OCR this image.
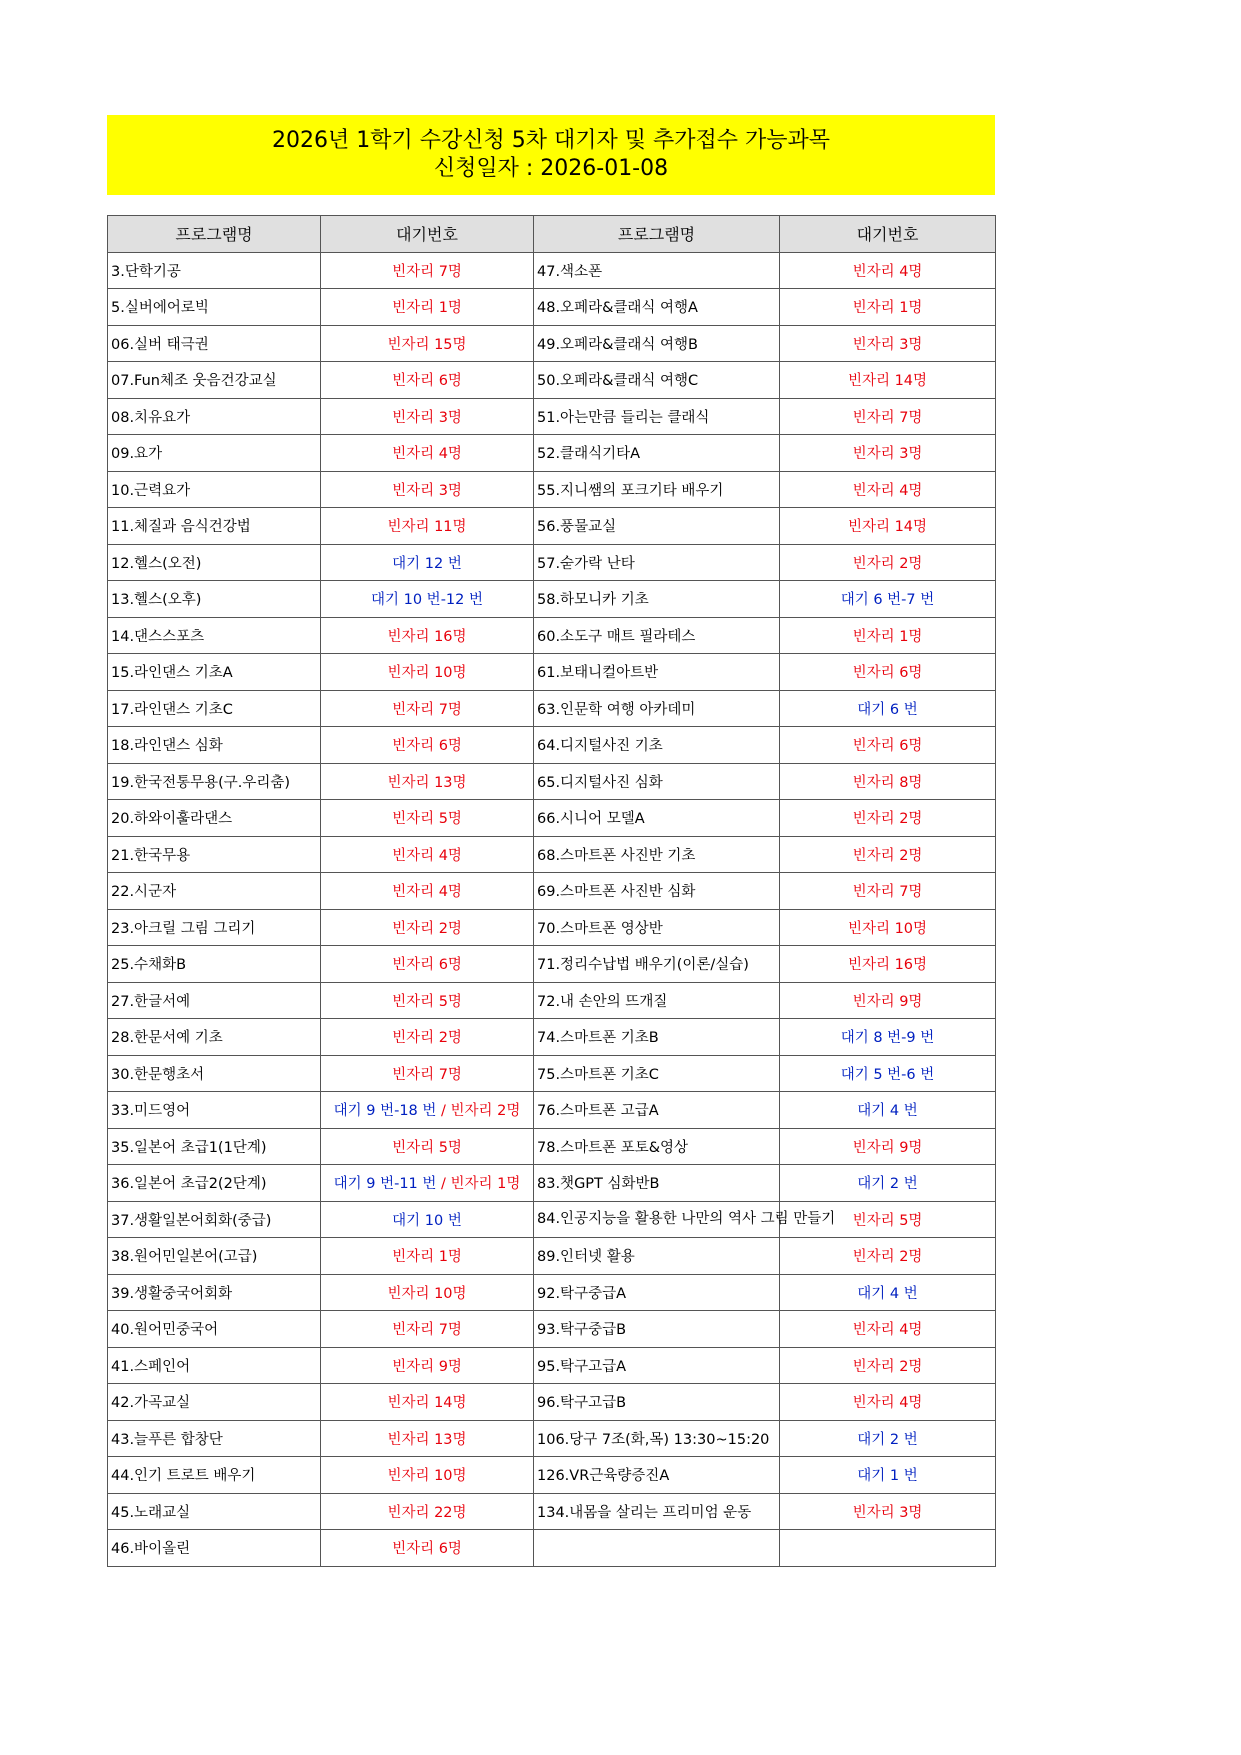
2026년 1학기 수강신청 5차 대기자 및 추가접수 가능과목
신청일자 : 2026-01-08
프로그램명	대기번호	프로그램명	대기번호
3.단학기공	빈자리 7명	47.색소폰	빈자리 4명
5.실버에어로빅	빈자리 1명	48.오페라&클래식 여행A	빈자리 1명
06.실버 태극권	빈자리 15명	49.오페라&클래식 여행B	빈자리 3명
07.Fun체조 웃음건강교실	빈자리 6명	50.오페라&클래식 여행C	빈자리 14명
08.치유요가	빈자리 3명	51.아는만큼 들리는 클래식	빈자리 7명
09.요가	빈자리 4명	52.클래식기타A	빈자리 3명
10.근력요가	빈자리 3명	55.지니쌤의 포크기타 배우기	빈자리 4명
11.체질과 음식건강법	빈자리 11명	56.풍물교실	빈자리 14명
12.헬스(오전)	대기 12 번	57.숟가락 난타	빈자리 2명
13.헬스(오후)	대기 10 번-12 번	58.하모니카 기초	대기 6 번-7 번
14.댄스스포츠	빈자리 16명	60.소도구 매트 필라테스	빈자리 1명
15.라인댄스 기초A	빈자리 10명	61.보태니컬아트반	빈자리 6명
17.라인댄스 기초C	빈자리 7명	63.인문학 여행 아카데미	대기 6 번
18.라인댄스 심화	빈자리 6명	64.디지털사진 기초	빈자리 6명
19.한국전통무용(구.우리춤)	빈자리 13명	65.디지털사진 심화	빈자리 8명
20.하와이훌라댄스	빈자리 5명	66.시니어 모델A	빈자리 2명
21.한국무용	빈자리 4명	68.스마트폰 사진반 기초	빈자리 2명
22.시군자	빈자리 4명	69.스마트폰 사진반 심화	빈자리 7명
23.아크릴 그림 그리기	빈자리 2명	70.스마트폰 영상반	빈자리 10명
25.수채화B	빈자리 6명	71.정리수납법 배우기(이론/실습)	빈자리 16명
27.한글서예	빈자리 5명	72.내 손안의 뜨개질	빈자리 9명
28.한문서예 기초	빈자리 2명	74.스마트폰 기초B	대기 8 번-9 번
30.한문행초서	빈자리 7명	75.스마트폰 기초C	대기 5 번-6 번
33.미드영어	대기 9 번-18 번 / 빈자리 2명	76.스마트폰 고급A	대기 4 번
35.일본어 초급1(1단계)	빈자리 5명	78.스마트폰 포토&영상	빈자리 9명
36.일본어 초급2(2단계)	대기 9 번-11 번 / 빈자리 1명	83.챗GPT 심화반B	대기 2 번
37.생활일본어회화(중급)	대기 10 번	84.인공지능을 활용한 나만의 역사 그림 만들기	빈자리 5명
38.원어민일본어(고급)	빈자리 1명	89.인터넷 활용	빈자리 2명
39.생활중국어회화	빈자리 10명	92.탁구중급A	대기 4 번
40.원어민중국어	빈자리 7명	93.탁구중급B	빈자리 4명
41.스페인어	빈자리 9명	95.탁구고급A	빈자리 2명
42.가곡교실	빈자리 14명	96.탁구고급B	빈자리 4명
43.늘푸른 합창단	빈자리 13명	106.당구 7조(화,목) 13:30~15:20	대기 2 번
44.인기 트로트 배우기	빈자리 10명	126.VR근육량증진A	대기 1 번
45.노래교실	빈자리 22명	134.내몸을 살리는 프리미엄 운동	빈자리 3명
46.바이올린	빈자리 6명		
